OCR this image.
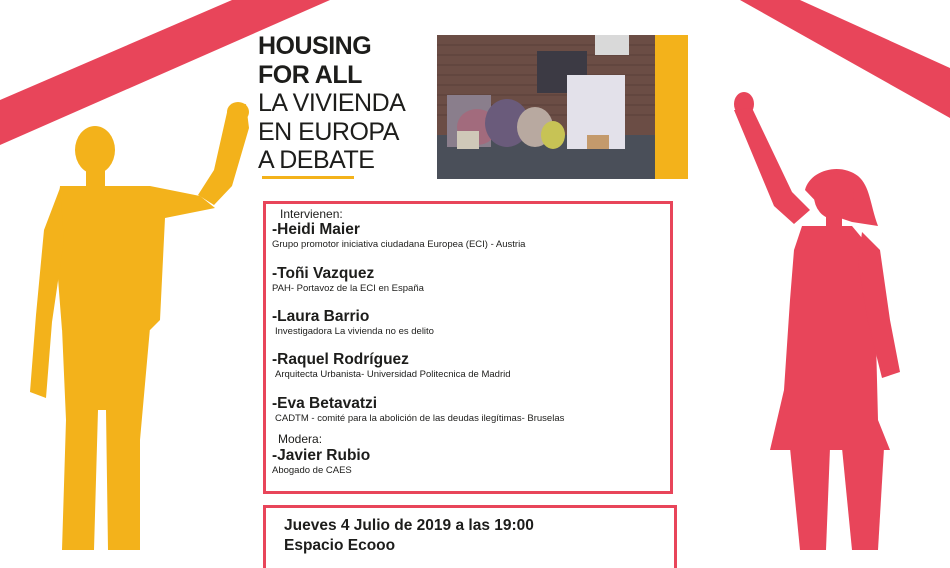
HOUSING
FOR ALL
LA VIVIENDA
EN EUROPA
A DEBATE
Intervienen:
-Heidi Maier
Grupo promotor iniciativa ciudadana Europea (ECI) - Austria
-Toñi Vazquez
PAH- Portavoz de la ECI en España
-Laura Barrio
Investigadora La vivienda no es delito
-Raquel Rodríguez
Arquitecta Urbanista- Universidad Politecnica de Madrid
-Eva Betavatzi
CADTM - comité para la abolición de las deudas ilegítimas- Bruselas
Modera:
-Javier Rubio
Abogado de CAES
Jueves 4 Julio de 2019 a las 19:00
Espacio Ecooo
